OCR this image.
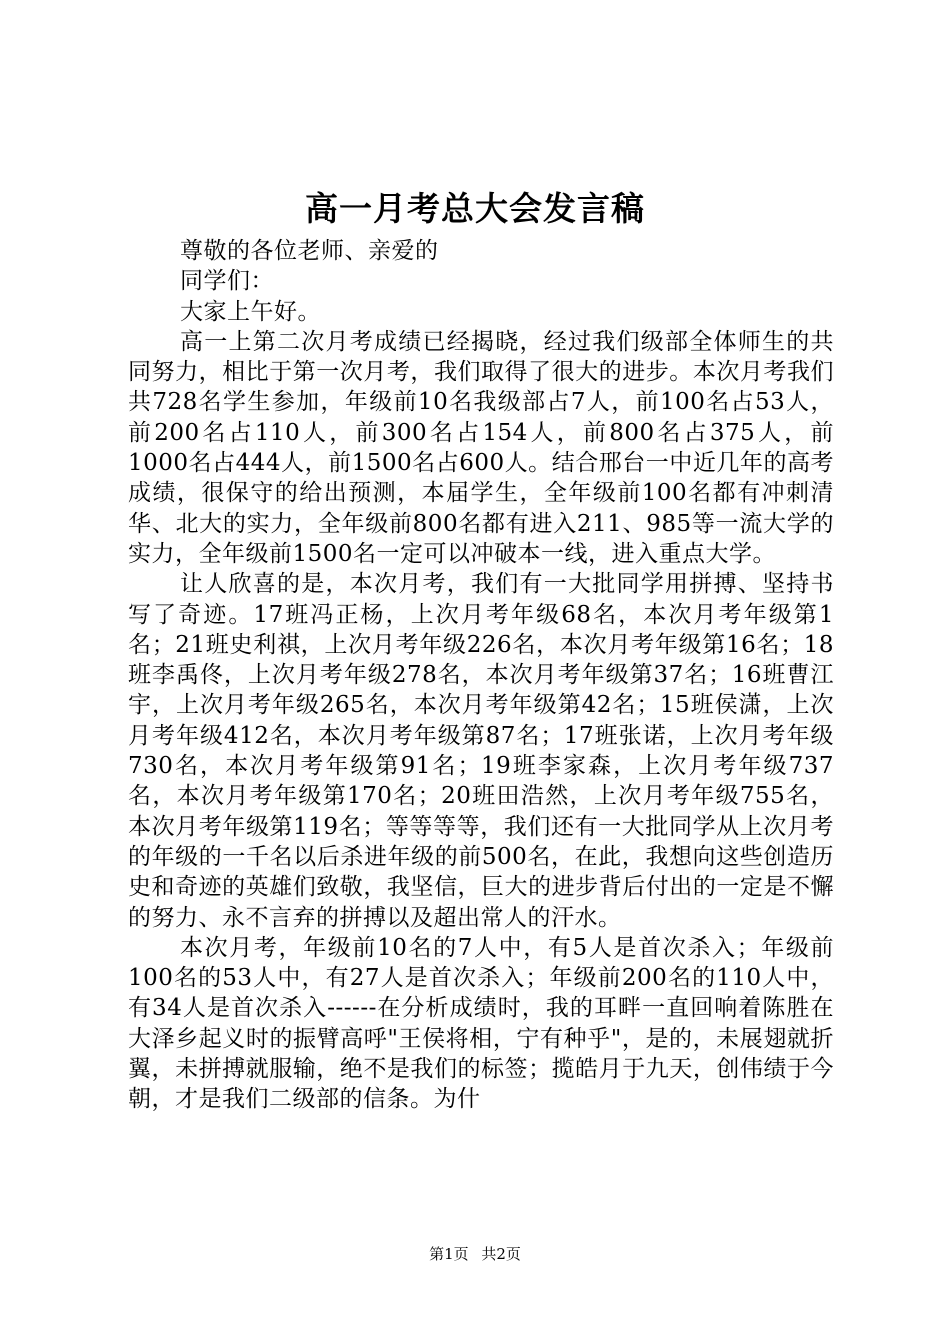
高一月考总大会发言稿

尊敬的各位老师、亲爱的

同学们：

大家上午好。

高一上第二次月考成绩已经揭晓，经过我们级部全体师生的共同努力，相比于第一次月考，我们取得了很大的进步。本次月考我们共728名学生参加，年级前10名我级部占7人，前100名占53人，前200名占110人，前300名占154人，前800名占375人，前1000名占444人，前1500名占600人。结合邢台一中近几年的高考成绩，很保守的给出预测，本届学生，全年级前100名都有冲刺清华、北大的实力，全年级前800名都有进入211、985等一流大学的实力，全年级前1500名一定可以冲破本一线，进入重点大学。

让人欣喜的是，本次月考，我们有一大批同学用拼搏、坚持书写了奇迹。17班冯正杨，上次月考年级68名，本次月考年级第1名；21班史利祺，上次月考年级226名，本次月考年级第16名；18班李禹佟，上次月考年级278名，本次月考年级第37名；16班曹江宇，上次月考年级265名，本次月考年级第42名；15班侯潇，上次月考年级412名，本次月考年级第87名；17班张诺，上次月考年级730名，本次月考年级第91名；19班李家森，上次月考年级737名，本次月考年级第170名；20班田浩然，上次月考年级755名，本次月考年级第119名；等等等等，我们还有一大批同学从上次月考的年级的一千名以后杀进年级的前500名，在此，我想向这些创造历史和奇迹的英雄们致敬，我坚信，巨大的进步背后付出的一定是不懈的努力、永不言弃的拼搏以及超出常人的汗水。

本次月考，年级前10名的7人中，有5人是首次杀入；年级前100名的53人中，有27人是首次杀入；年级前200名的110人中，有34人是首次杀入------在分析成绩时，我的耳畔一直回响着陈胜在大泽乡起义时的振臂高呼"王侯将相，宁有种乎"，是的，未展翅就折翼，未拼搏就服输，绝不是我们的标签；揽皓月于九天，创伟绩于今朝，才是我们二级部的信条。为什

第1页 共2页
